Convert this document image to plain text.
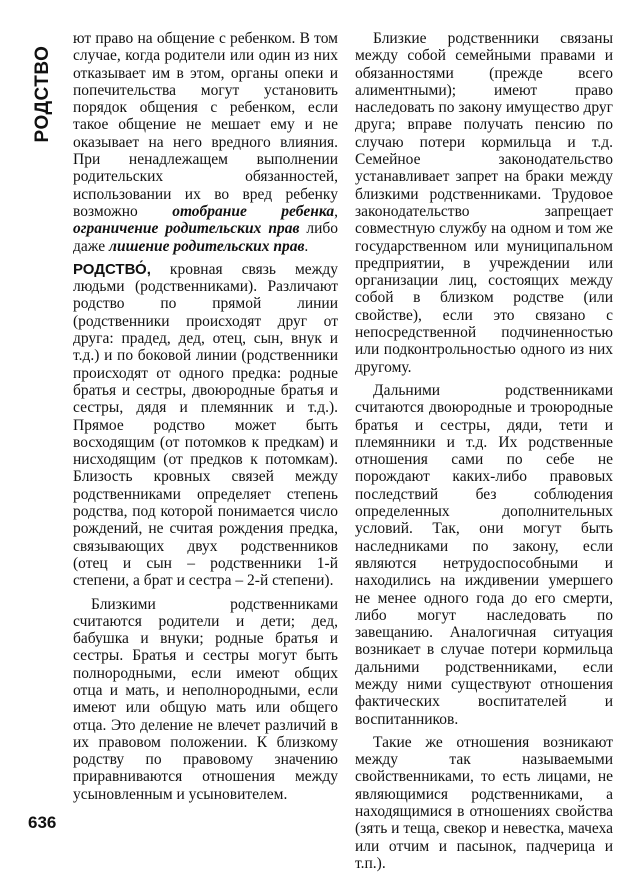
РОДСТВО
636

ют право на общение с ребенком. В том случае, когда родители или один из них отказывает им в этом, органы опеки и попечительства могут установить порядок общения с ребенком, если такое общение не мешает ему и не оказывает на него вредного влияния. При ненадлежащем выполнении родительских обязанностей, использовании их во вред ребенку возможно отобрание ребенка, ограничение родительских прав либо даже лишение родительских прав.

РОДСТВО́, кровная связь между людьми (родственниками). Различают родство по прямой линии (родственники происходят друг от друга: прадед, дед, отец, сын, внук и т.д.) и по боковой линии (родственники происходят от одного предка: родные братья и сестры, двоюродные братья и сестры, дядя и племянник и т.д.). Прямое родство может быть восходящим (от потомков к предкам) и нисходящим (от предков к потомкам). Близость кровных связей между родственниками определяет степень родства, под которой понимается число рождений, не считая рождения предка, связывающих двух родственников (отец и сын – родственники 1-й степени, а брат и сестра – 2-й степени).

Близкими родственниками считаются родители и дети; дед, бабушка и внуки; родные братья и сестры. Братья и сестры могут быть полнородными, если имеют общих отца и мать, и неполнородными, если имеют или общую мать или общего отца. Это деление не влечет различий в их правовом положении. К близкому родству по правовому значению приравниваются отношения между усыновленным и усыновителем.

Близкие родственники связаны между собой семейными правами и обязанностями (прежде всего алиментными); имеют право наследовать по закону имущество друг друга; вправе получать пенсию по случаю потери кормильца и т.д. Семейное законодательство устанавливает запрет на браки между близкими родственниками. Трудовое законодательство запрещает совместную службу на одном и том же государственном или муниципальном предприятии, в учреждении или организации лиц, состоящих между собой в близком родстве (или свойстве), если это связано с непосредственной подчиненностью или подконтрольностью одного из них другому.

Дальними родственниками считаются двоюродные и троюродные братья и сестры, дяди, тети и племянники и т.д. Их родственные отношения сами по себе не порождают каких-либо правовых последствий без соблюдения определенных дополнительных условий. Так, они могут быть наследниками по закону, если являются нетрудоспособными и находились на иждивении умершего не менее одного года до его смерти, либо могут наследовать по завещанию. Аналогичная ситуация возникает в случае потери кормильца дальними родственниками, если между ними существуют отношения фактических воспитателей и воспитанников.

Такие же отношения возникают между так называемыми свойственниками, то есть лицами, не являющимися родственниками, а находящимися в отношениях свойства (зять и теща, свекор и невестка, мачеха или отчим и пасынок, падчерица и т.п.).
